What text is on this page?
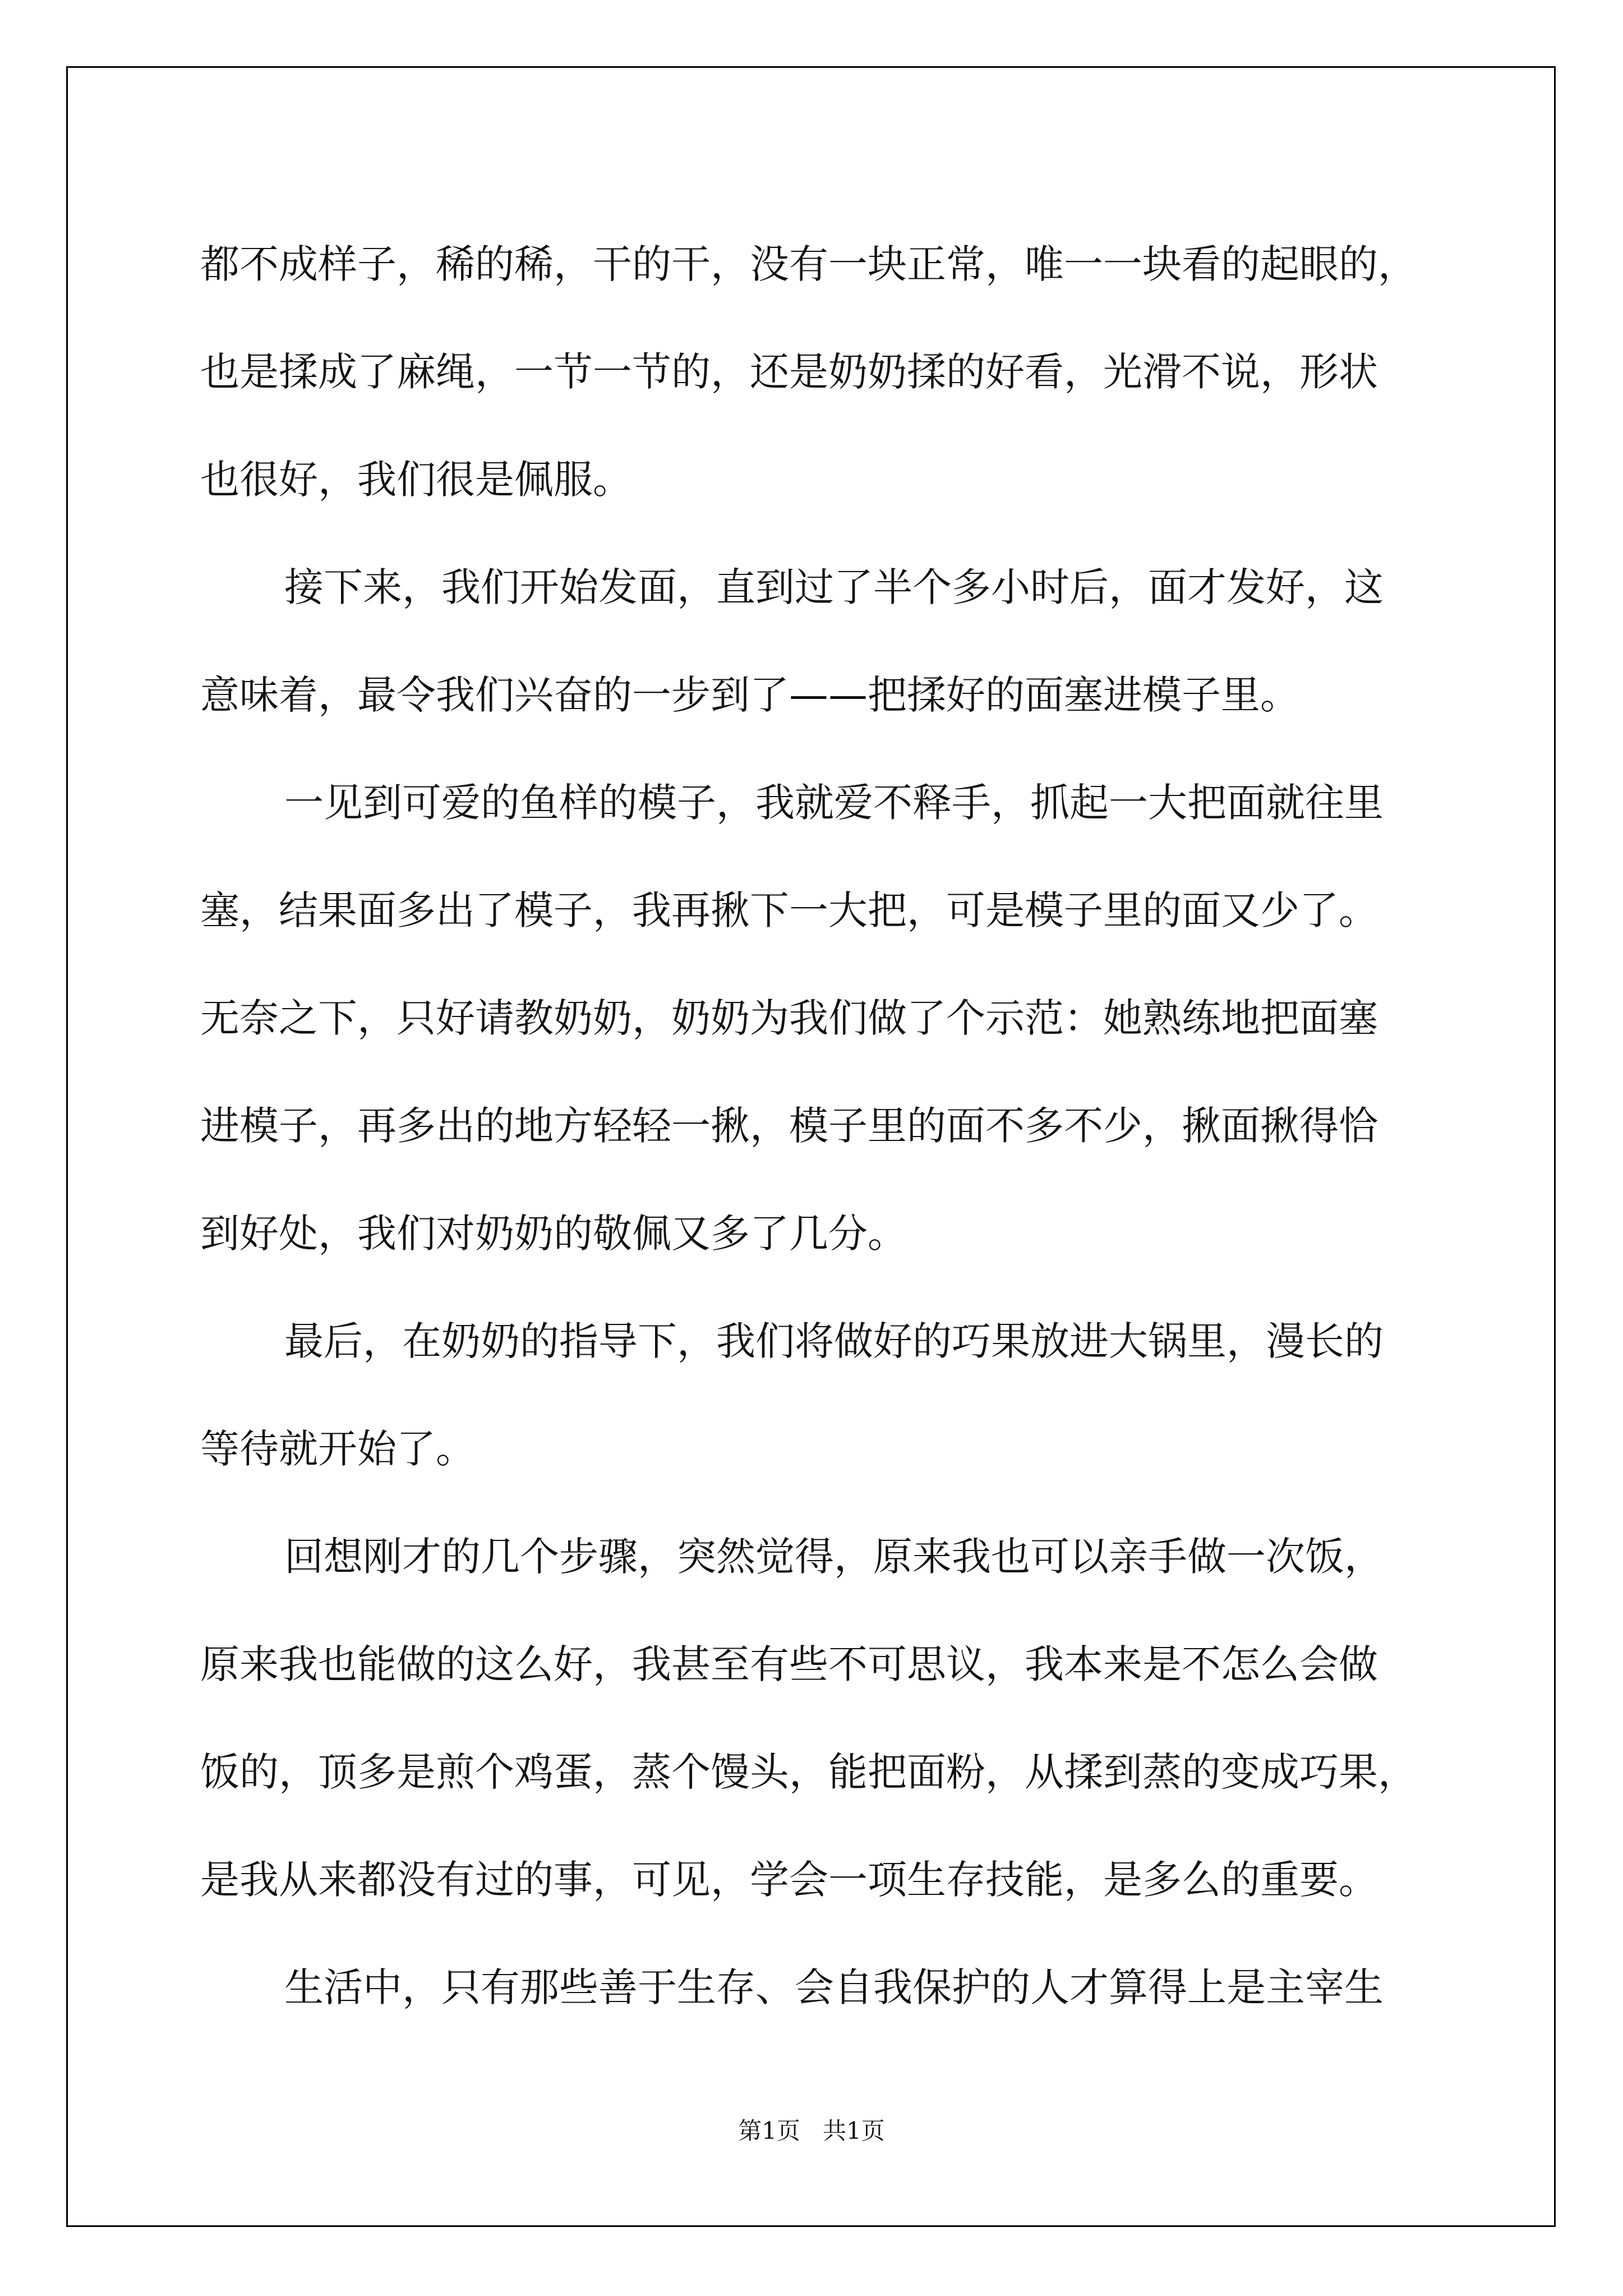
都不成样子，稀的稀，干的干，没有一块正常，唯一一块看的起眼的，
也是揉成了麻绳，一节一节的，还是奶奶揉的好看，光滑不说，形状
也很好，我们很是佩服。
接下来，我们开始发面，直到过了半个多小时后，面才发好，这
意味着，最令我们兴奋的一步到了——把揉好的面塞进模子里。
一见到可爱的鱼样的模子，我就爱不释手，抓起一大把面就往里
塞，结果面多出了模子，我再揪下一大把，可是模子里的面又少了。
无奈之下，只好请教奶奶，奶奶为我们做了个示范：她熟练地把面塞
进模子，再多出的地方轻轻一揪，模子里的面不多不少，揪面揪得恰
到好处，我们对奶奶的敬佩又多了几分。
最后，在奶奶的指导下，我们将做好的巧果放进大锅里，漫长的
等待就开始了。
回想刚才的几个步骤，突然觉得，原来我也可以亲手做一次饭，
原来我也能做的这么好，我甚至有些不可思议，我本来是不怎么会做
饭的，顶多是煎个鸡蛋，蒸个馒头，能把面粉，从揉到蒸的变成巧果，
是我从来都没有过的事，可见，学会一项生存技能，是多么的重要。
生活中，只有那些善于生存、会自我保护的人才算得上是主宰生
第1页   共1页
